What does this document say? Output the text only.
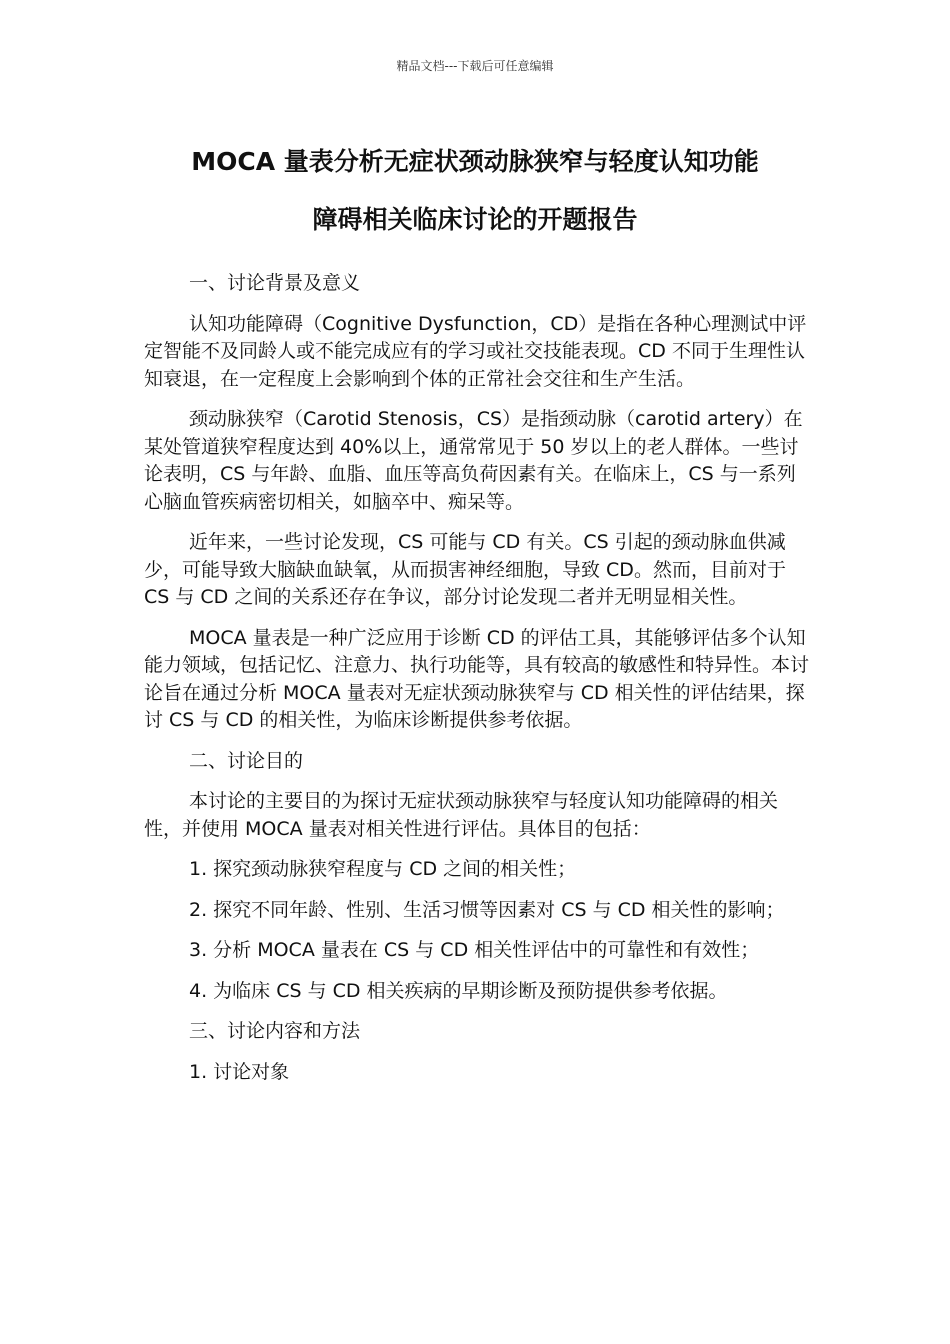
精品文档---下载后可任意编辑
MOCA 量表分析无症状颈动脉狭窄与轻度认知功能
障碍相关临床讨论的开题报告

一、讨论背景及意义

认知功能障碍（Cognitive Dysfunction，CD）是指在各种心理测试中评定智能不及同龄人或不能完成应有的学习或社交技能表现。CD 不同于生理性认知衰退，在一定程度上会影响到个体的正常社会交往和生产生活。

颈动脉狭窄（Carotid Stenosis，CS）是指颈动脉（carotid artery）在某处管道狭窄程度达到 40%以上，通常常见于 50 岁以上的老人群体。一些讨论表明，CS 与年龄、血脂、血压等高负荷因素有关。在临床上，CS 与一系列心脑血管疾病密切相关，如脑卒中、痴呆等。

近年来，一些讨论发现，CS 可能与 CD 有关。CS 引起的颈动脉血供减少，可能导致大脑缺血缺氧，从而损害神经细胞，导致 CD。然而，目前对于 CS 与 CD 之间的关系还存在争议，部分讨论发现二者并无明显相关性。

MOCA 量表是一种广泛应用于诊断 CD 的评估工具，其能够评估多个认知能力领域，包括记忆、注意力、执行功能等，具有较高的敏感性和特异性。本讨论旨在通过分析 MOCA 量表对无症状颈动脉狭窄与 CD 相关性的评估结果，探讨 CS 与 CD 的相关性，为临床诊断提供参考依据。

二、讨论目的

本讨论的主要目的为探讨无症状颈动脉狭窄与轻度认知功能障碍的相关性，并使用 MOCA 量表对相关性进行评估。具体目的包括：

1. 探究颈动脉狭窄程度与 CD 之间的相关性；

2. 探究不同年龄、性别、生活习惯等因素对 CS 与 CD 相关性的影响；

3. 分析 MOCA 量表在 CS 与 CD 相关性评估中的可靠性和有效性；

4. 为临床 CS 与 CD 相关疾病的早期诊断及预防提供参考依据。

三、讨论内容和方法

1. 讨论对象
